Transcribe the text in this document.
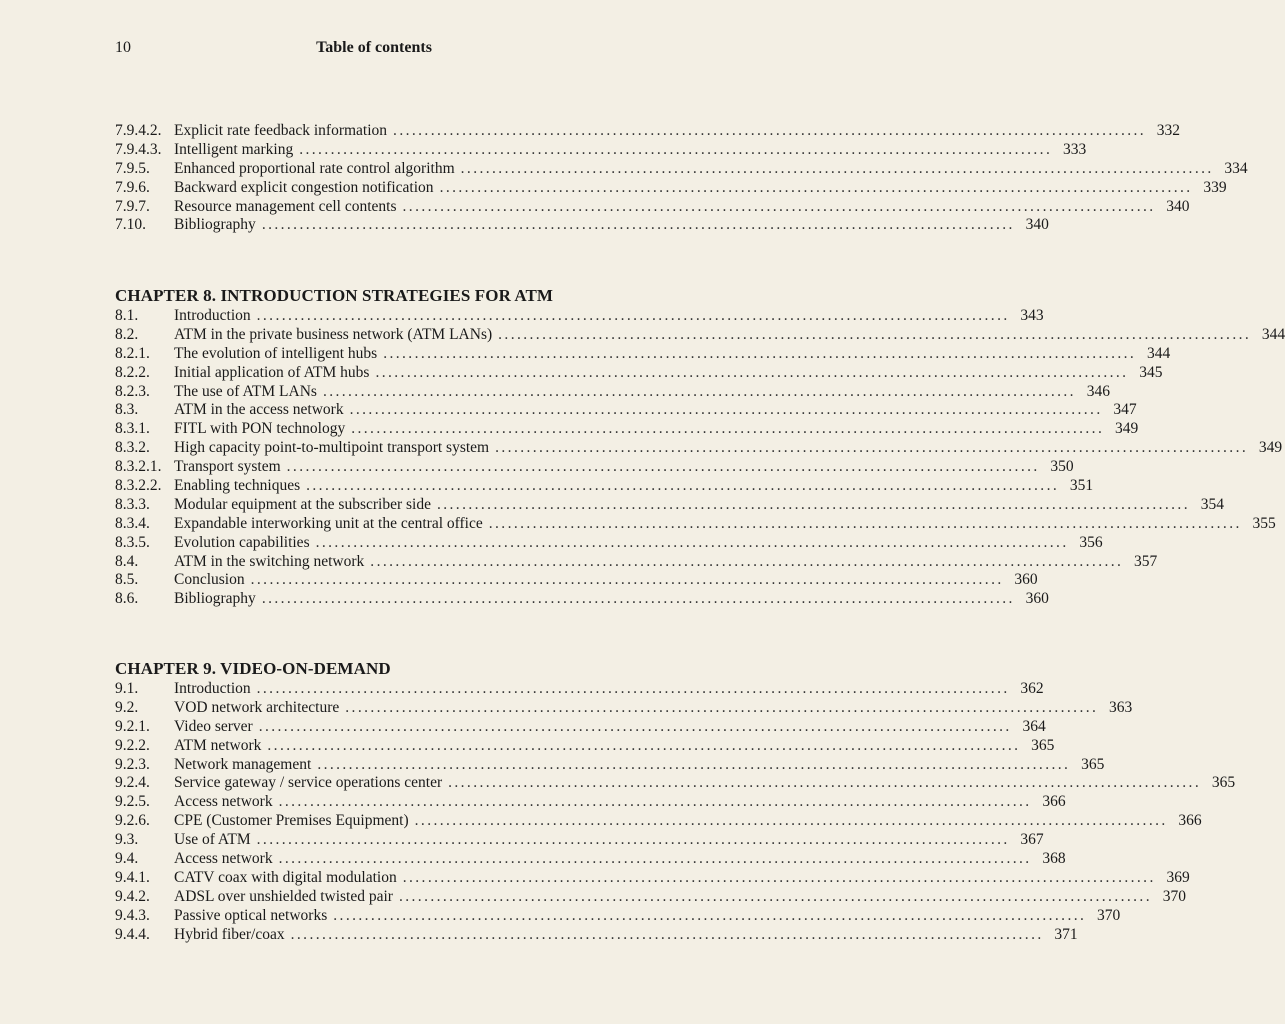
10	Table of contents
7.9.4.2. Explicit rate feedback information ........................................................................................................................ 332
7.9.4.3. Intelligent marking ........................................................................................................................ 333
7.9.5.	Enhanced proportional rate control algorithm ........................................................................................................................ 334
7.9.6.	Backward explicit congestion notification ........................................................................................................................ 339
7.9.7.	Resource management cell contents ........................................................................................................................ 340
7.10.	Bibliography ........................................................................................................................ 340
CHAPTER 8. INTRODUCTION STRATEGIES FOR ATM
8.1.	Introduction ........................................................................................................................ 343
8.2.	ATM in the private business network (ATM LANs) ........................................................................................................................ 344
8.2.1.	The evolution of intelligent hubs ........................................................................................................................ 344
8.2.2.	Initial application of ATM hubs ........................................................................................................................ 345
8.2.3.	The use of ATM LANs ........................................................................................................................ 346
8.3.	ATM in the access network ........................................................................................................................ 347
8.3.1.	FITL with PON technology ........................................................................................................................ 349
8.3.2.	High capacity point-to-multipoint transport system ........................................................................................................................ 349
8.3.2.1. Transport system ........................................................................................................................ 350
8.3.2.2. Enabling techniques ........................................................................................................................ 351
8.3.3.	Modular equipment at the subscriber side ........................................................................................................................ 354
8.3.4.	Expandable interworking unit at the central office ........................................................................................................................ 355
8.3.5.	Evolution capabilities ........................................................................................................................ 356
8.4.	ATM in the switching network ........................................................................................................................ 357
8.5.	Conclusion ........................................................................................................................ 360
8.6.	Bibliography ........................................................................................................................ 360
CHAPTER 9. VIDEO-ON-DEMAND
9.1.	Introduction ........................................................................................................................ 362
9.2.	VOD network architecture ........................................................................................................................ 363
9.2.1.	Video server ........................................................................................................................ 364
9.2.2.	ATM network ........................................................................................................................ 365
9.2.3.	Network management ........................................................................................................................ 365
9.2.4.	Service gateway / service operations center ........................................................................................................................ 365
9.2.5.	Access network ........................................................................................................................ 366
9.2.6.	CPE (Customer Premises Equipment) ........................................................................................................................ 366
9.3.	Use of ATM ........................................................................................................................ 367
9.4.	Access network ........................................................................................................................ 368
9.4.1.	CATV coax with digital modulation ........................................................................................................................ 369
9.4.2.	ADSL over unshielded twisted pair ........................................................................................................................ 370
9.4.3.	Passive optical networks ........................................................................................................................ 370
9.4.4.	Hybrid fiber/coax ........................................................................................................................ 371
